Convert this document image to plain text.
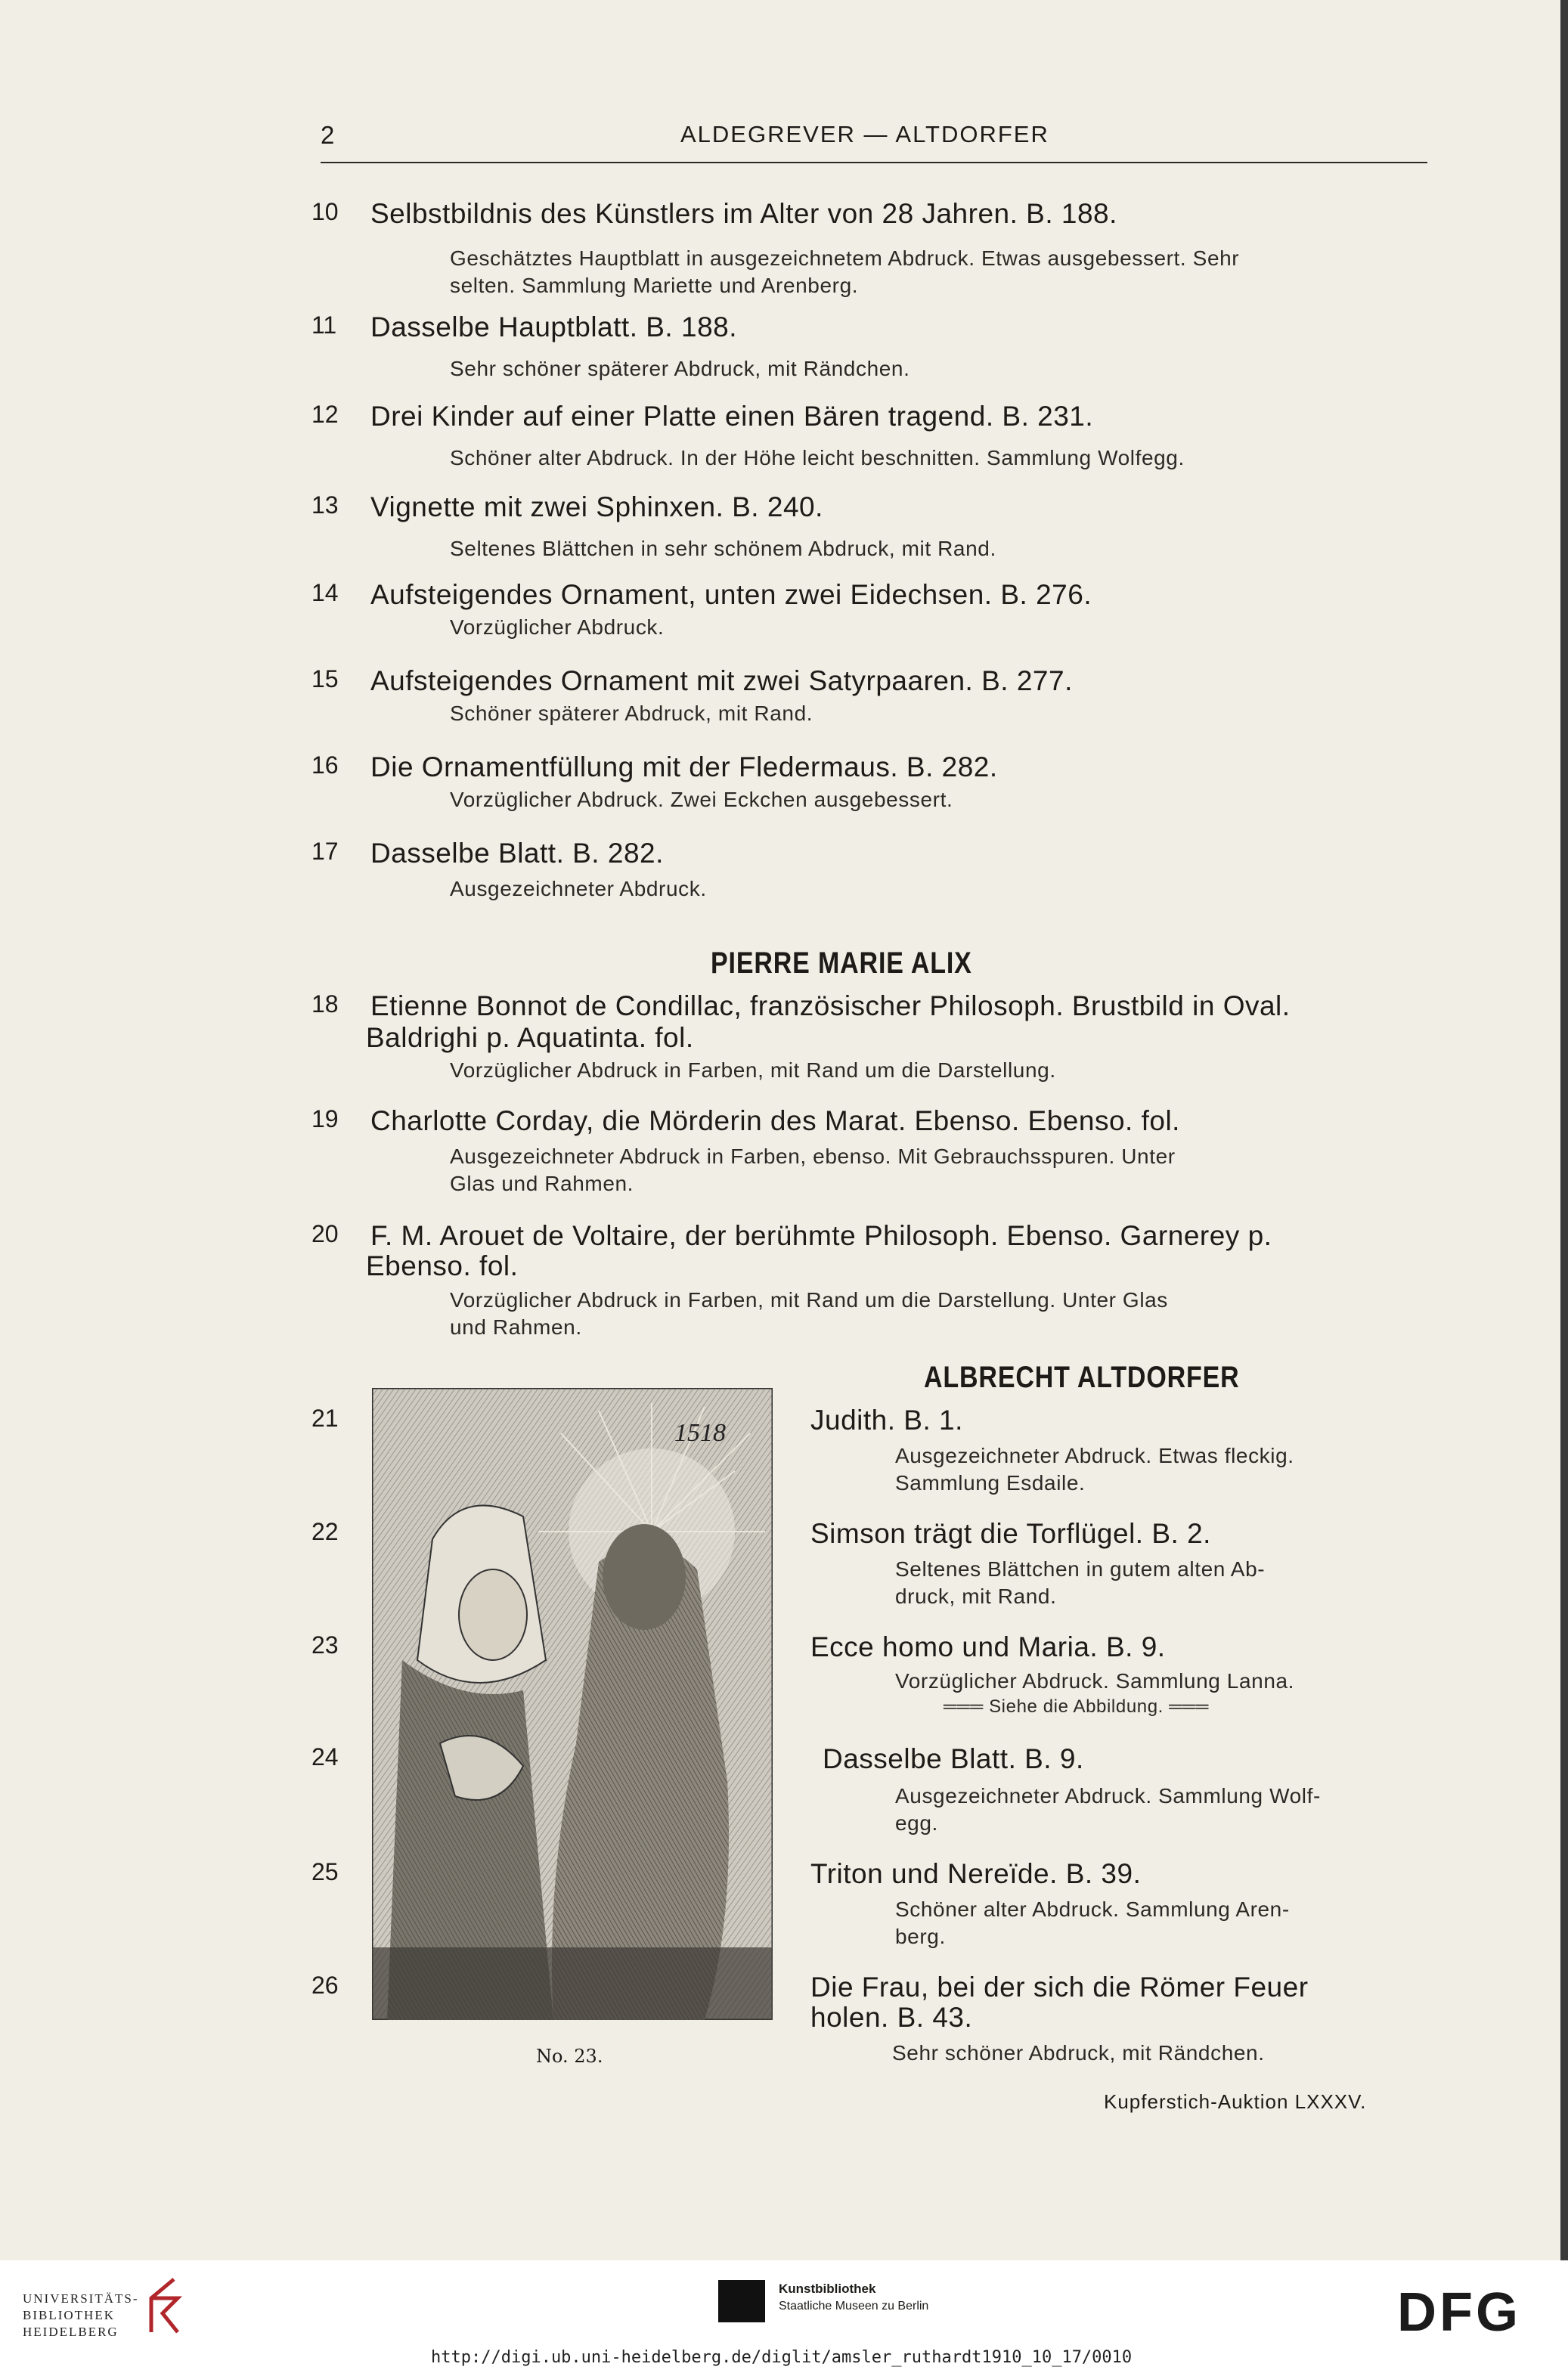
2	ALDEGREVER — ALTDORFER
10 Selbstbildnis des Künstlers im Alter von 28 Jahren. B. 188.
Geschätztes Hauptblatt in ausgezeichnetem Abdruck. Etwas ausgebessert. Sehr
selten. Sammlung Mariette und Arenberg.
11 Dasselbe Hauptblatt. B. 188.
Sehr schöner späterer Abdruck, mit Rändchen.
12 Drei Kinder auf einer Platte einen Bären tragend. B. 231.
Schöner alter Abdruck. In der Höhe leicht beschnitten. Sammlung Wolfegg.
13 Vignette mit zwei Sphinxen. B. 240.
Seltenes Blättchen in sehr schönem Abdruck, mit Rand.
14 Aufsteigendes Ornament, unten zwei Eidechsen. B. 276.
Vorzüglicher Abdruck.
15 Aufsteigendes Ornament mit zwei Satyrpaaren. B. 277.
Schöner späterer Abdruck, mit Rand.
16 Die Ornamentfüllung mit der Fledermaus. B. 282.
Vorzüglicher Abdruck. Zwei Eckchen ausgebessert.
17 Dasselbe Blatt. B. 282.
Ausgezeichneter Abdruck.
PIERRE MARIE ALIX
18 Etienne Bonnot de Condillac, französischer Philosoph. Brustbild in Oval.
Baldrighi p. Aquatinta. fol.
Vorzüglicher Abdruck in Farben, mit Rand um die Darstellung.
19 Charlotte Corday, die Mörderin des Marat. Ebenso. Ebenso. fol.
Ausgezeichneter Abdruck in Farben, ebenso. Mit Gebrauchsspuren. Unter
Glas und Rahmen.
20 F. M. Arouet de Voltaire, der berühmte Philosoph. Ebenso. Garnerey p.
Ebenso. fol.
Vorzüglicher Abdruck in Farben, mit Rand um die Darstellung. Unter Glas
und Rahmen.
ALBRECHT ALTDORFER
1518
No. 23.
21	Judith. B. 1.
Ausgezeichneter Abdruck. Etwas fleckig.
Sammlung Esdaile.
22	Simson trägt die Torflügel. B. 2.
Seltenes Blättchen in gutem alten Ab-
druck, mit Rand.
23	Ecce homo und Maria. B. 9.
Vorzüglicher Abdruck. Sammlung Lanna.
═══ Siehe die Abbildung. ═══
24	Dasselbe Blatt. B. 9.
Ausgezeichneter Abdruck. Sammlung Wolf-
egg.
25	Triton und Nereïde. B. 39.
Schöner alter Abdruck. Sammlung Aren-
berg.
26	Die Frau, bei der sich die Römer Feuer
holen. B. 43.
Sehr schöner Abdruck, mit Rändchen.
Kupferstich-Auktion LXXXV.
UNIVERSITÄTS-
BIBLIOTHEK
HEIDELBERG
Kunstbibliothek
Staatliche Museen zu Berlin	DFG
http://digi.ub.uni-heidelberg.de/diglit/amsler_ruthardt1910_10_17/0010
